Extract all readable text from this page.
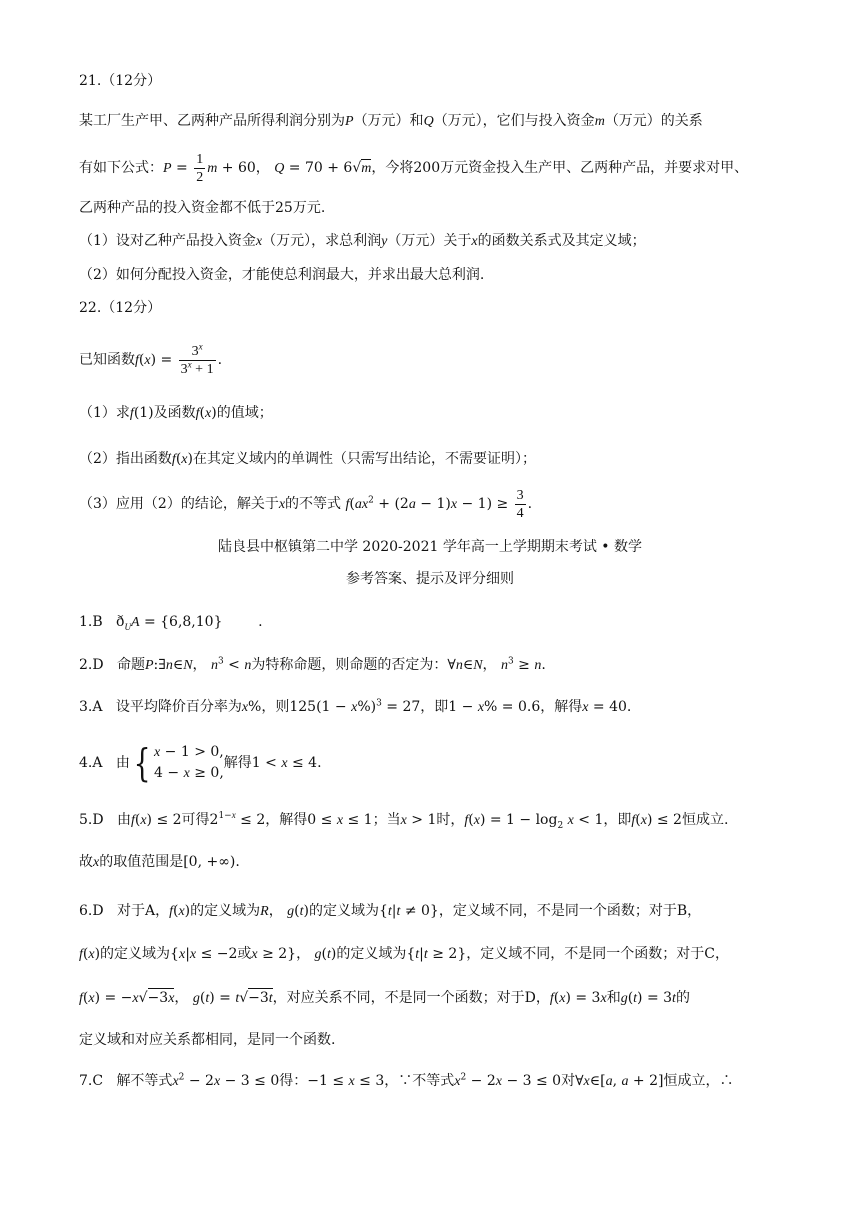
21.（12分）
某工厂生产甲、乙两种产品所得利润分别为P（万元）和Q（万元），它们与投入资金m（万元）的关系
有如下公式：$P = \frac{1}{2}$ m + 60， Q = 70 + 6√m，今将200万元资金投入生产甲、乙两种产品，并要求对甲、
乙两种产品的投入资金都不低于25万元.
（1）设对乙种产品投入资金x（万元），求总利润y（万元）关于x的函数关系式及其定义域；
（2）如何分配投入资金，才能使总利润最大，并求出最大总利润.
22.（12分）
已知函数$f(x) = \frac{3^x}{3^x + 1}$ .
（1）求f(1)及函数f(x)的值域；
（2）指出函数f(x)在其定义域内的单调性（只需写出结论，不需要证明）；
（3）应用（2）的结论，解关于x的不等式 $f(ax^2 + (2a - 1)x - 1) \ge \frac{3}{4}$ .
陆良县中枢镇第二中学 2020-2021 学年高一上学期期末考试 • 数学
参考答案、提示及评分细则
1.B   $ð_UA = \{6,8,10\}$        .
2.D 命题P:∃n∈N， $n^3 < n$为特称命题，则命题的否定为：∀n∈N， $n^3 \ge n$.
3.A 设平均降价百分率为x%，则$125(1 - x\%)^3 = 27$，即1 − x% = 0.6，解得x = 40.
4.A 由{ x − 1 > 0,
4 − x ≥ 0,
解得1 < x ≤ 4.
5.D 由f(x) ≤ 2可得$2^{1-x} \le 2$，解得0 ≤ x ≤ 1；当x > 1时，$f(x) = 1 - \log_2 x < 1$，即f(x) ≤ 2恒成立.
故x的取值范围是[0, +∞).
6.D 对于A，f(x)的定义域为R， g(t)的定义域为{t|t ≠ 0}，定义域不同，不是同一个函数；对于B，
f(x)的定义域为{x|x ≤ −2或x ≥ 2}， g(t)的定义域为{t|t ≥ 2}，定义域不同，不是同一个函数；对于C，
f(x) = −x√−3x， g(t) = t√−3t，对应关系不同，不是同一个函数；对于D，f(x) = 3x和g(t) = 3t的
定义域和对应关系都相同，是同一个函数.
7.C 解不等式$x^2 - 2x - 3 \le 0$得：−1 ≤ x ≤ 3，∵不等式$x^2 - 2x - 3 \le 0$对∀x∈[a, a + 2]恒成立，∴
